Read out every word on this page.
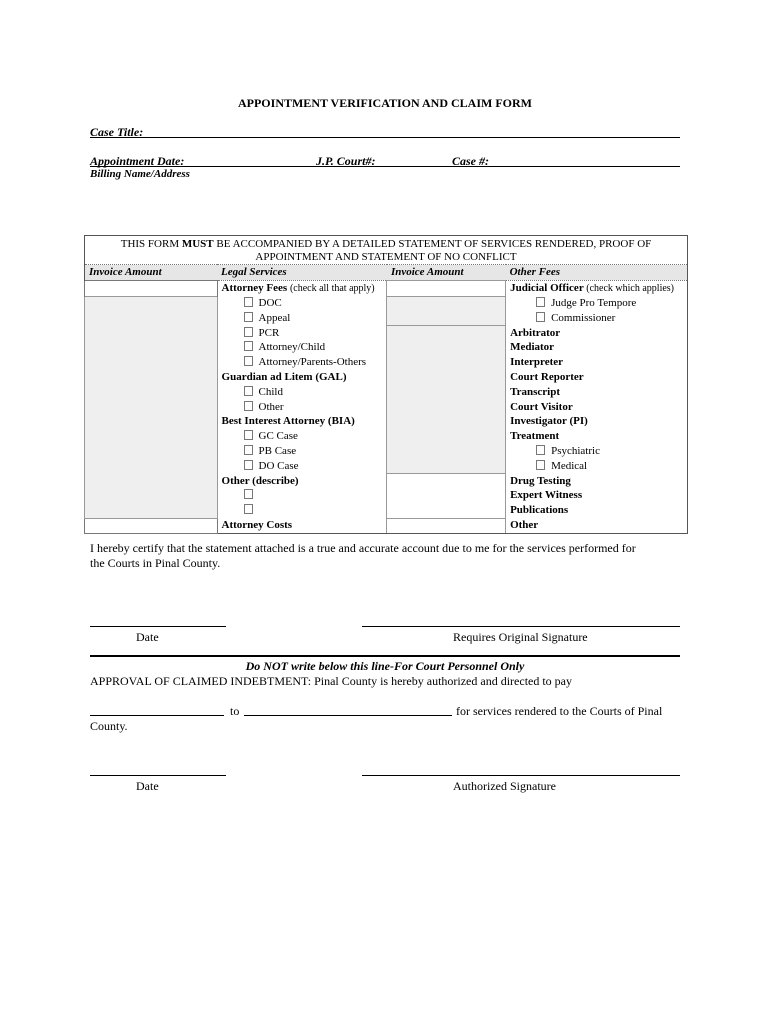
APPOINTMENT VERIFICATION AND CLAIM FORM
Case Title:
Appointment Date:	J.P. Court#:	Case #:
Billing Name/Address
THIS FORM MUST BE ACCOMPANIED BY A DETAILED STATEMENT OF SERVICES RENDERED, PROOF OF
APPOINTMENT AND STATEMENT OF NO CONFLICT			
Invoice Amount	Legal Services	Invoice Amount	Other Fees
	Attorney Fees (check all that apply)		Judicial Officer (check which applies)
	DOC		Judge Pro Tempore
	Appeal		Commissioner
	PCR		Arbitrator
	Attorney/Child		Mediator
	Attorney/Parents-Others		Interpreter
	Guardian ad Litem (GAL)		Court Reporter
	Child		Transcript
	Other		Court Visitor
	Best Interest Attorney (BIA)		Investigator (PI)
	GC Case		Treatment
	PB Case		Psychiatric
	DO Case		Medical
	Other (describe)		Drug Testing
			Expert Witness
			Publications
	Attorney Costs		Other
I hereby certify that the statement attached is a true and accurate account due to me for the services performed for
the Courts in Pinal County.
Date	Requires Original Signature
Do NOT write below this line-For Court Personnel Only
APPROVAL OF CLAIMED INDEBTMENT: Pinal County is hereby authorized and directed to pay
to	for services rendered to the Courts of Pinal
County.
Date	Authorized Signature
